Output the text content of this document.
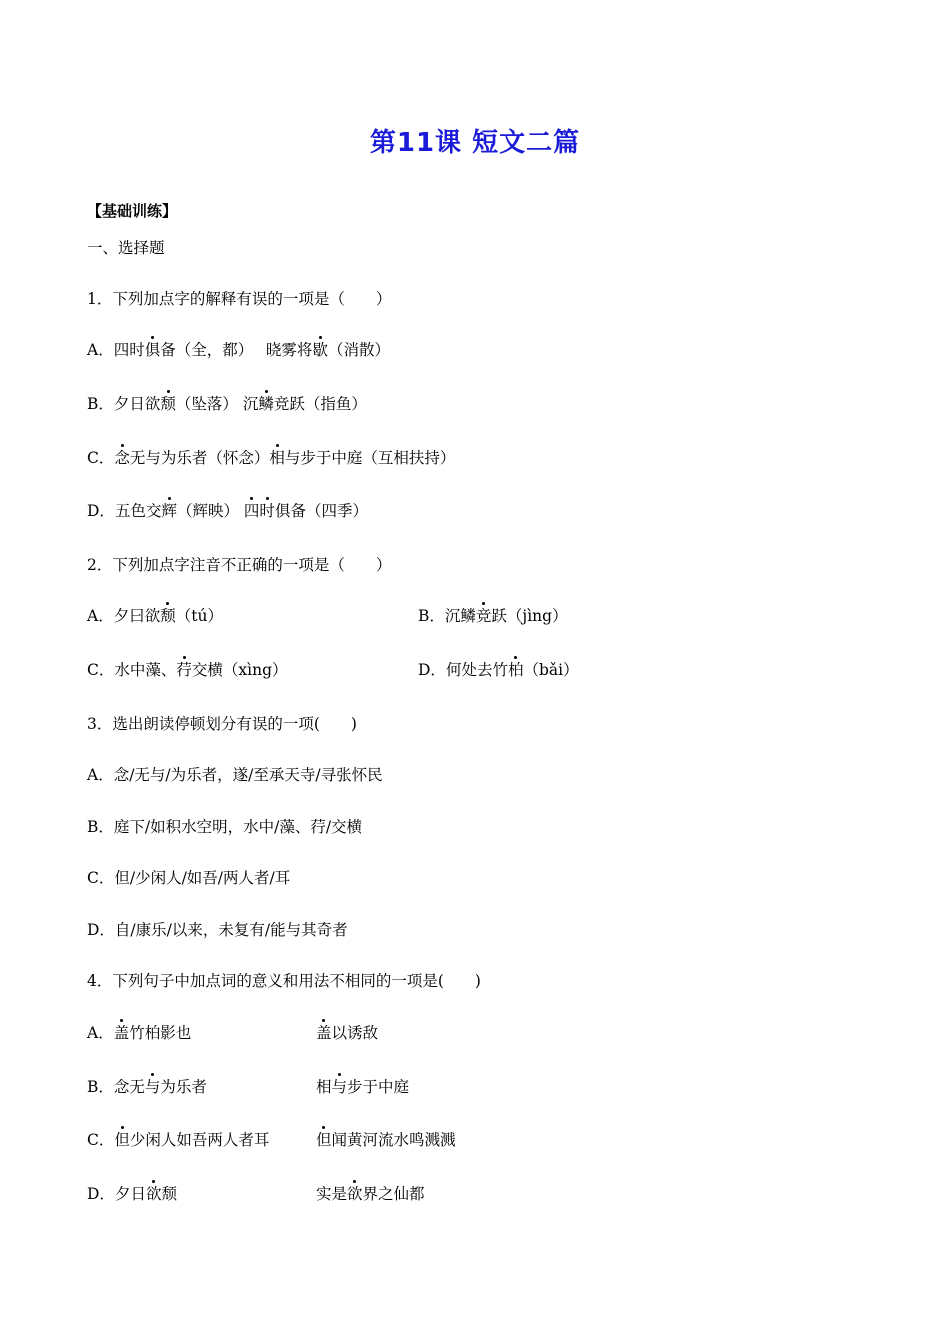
第11课 短文二篇
【基础训练】
一、选择题
1．下列加点字的解释有误的一项是（　　）
A．四时俱备（全，都）　 晓雾将歇（消散）
B．夕日欲颓（坠落） 沉鳞竞跃（指鱼）
C．念无与为乐者（怀念）相与步于中庭（互相扶持）
D．五色交辉（辉映） 四时俱备（四季）
2．下列加点字注音不正确的一项是（　　）
A．夕曰欲颓（tú）	B．沉鳞竞跃（jìng）
C．水中藻、荇交横（xìng）	D．何处去竹柏（bǎi）
3．选出朗读停顿划分有误的一项(　　)
A．念/无与/为乐者，遂/至承天寺/寻张怀民
B．庭下/如积水空明，水中/藻、荇/交横
C．但/少闲人/如吾/两人者/耳
D．自/康乐/以来，未复有/能与其奇者
4．下列句子中加点词的意义和用法不相同的一项是(　　)
A．盖竹柏影也	盖以诱敌
B．念无与为乐者	相与步于中庭
C．但少闲人如吾两人者耳	但闻黄河流水鸣溅溅
D．夕日欲颓	实是欲界之仙都
